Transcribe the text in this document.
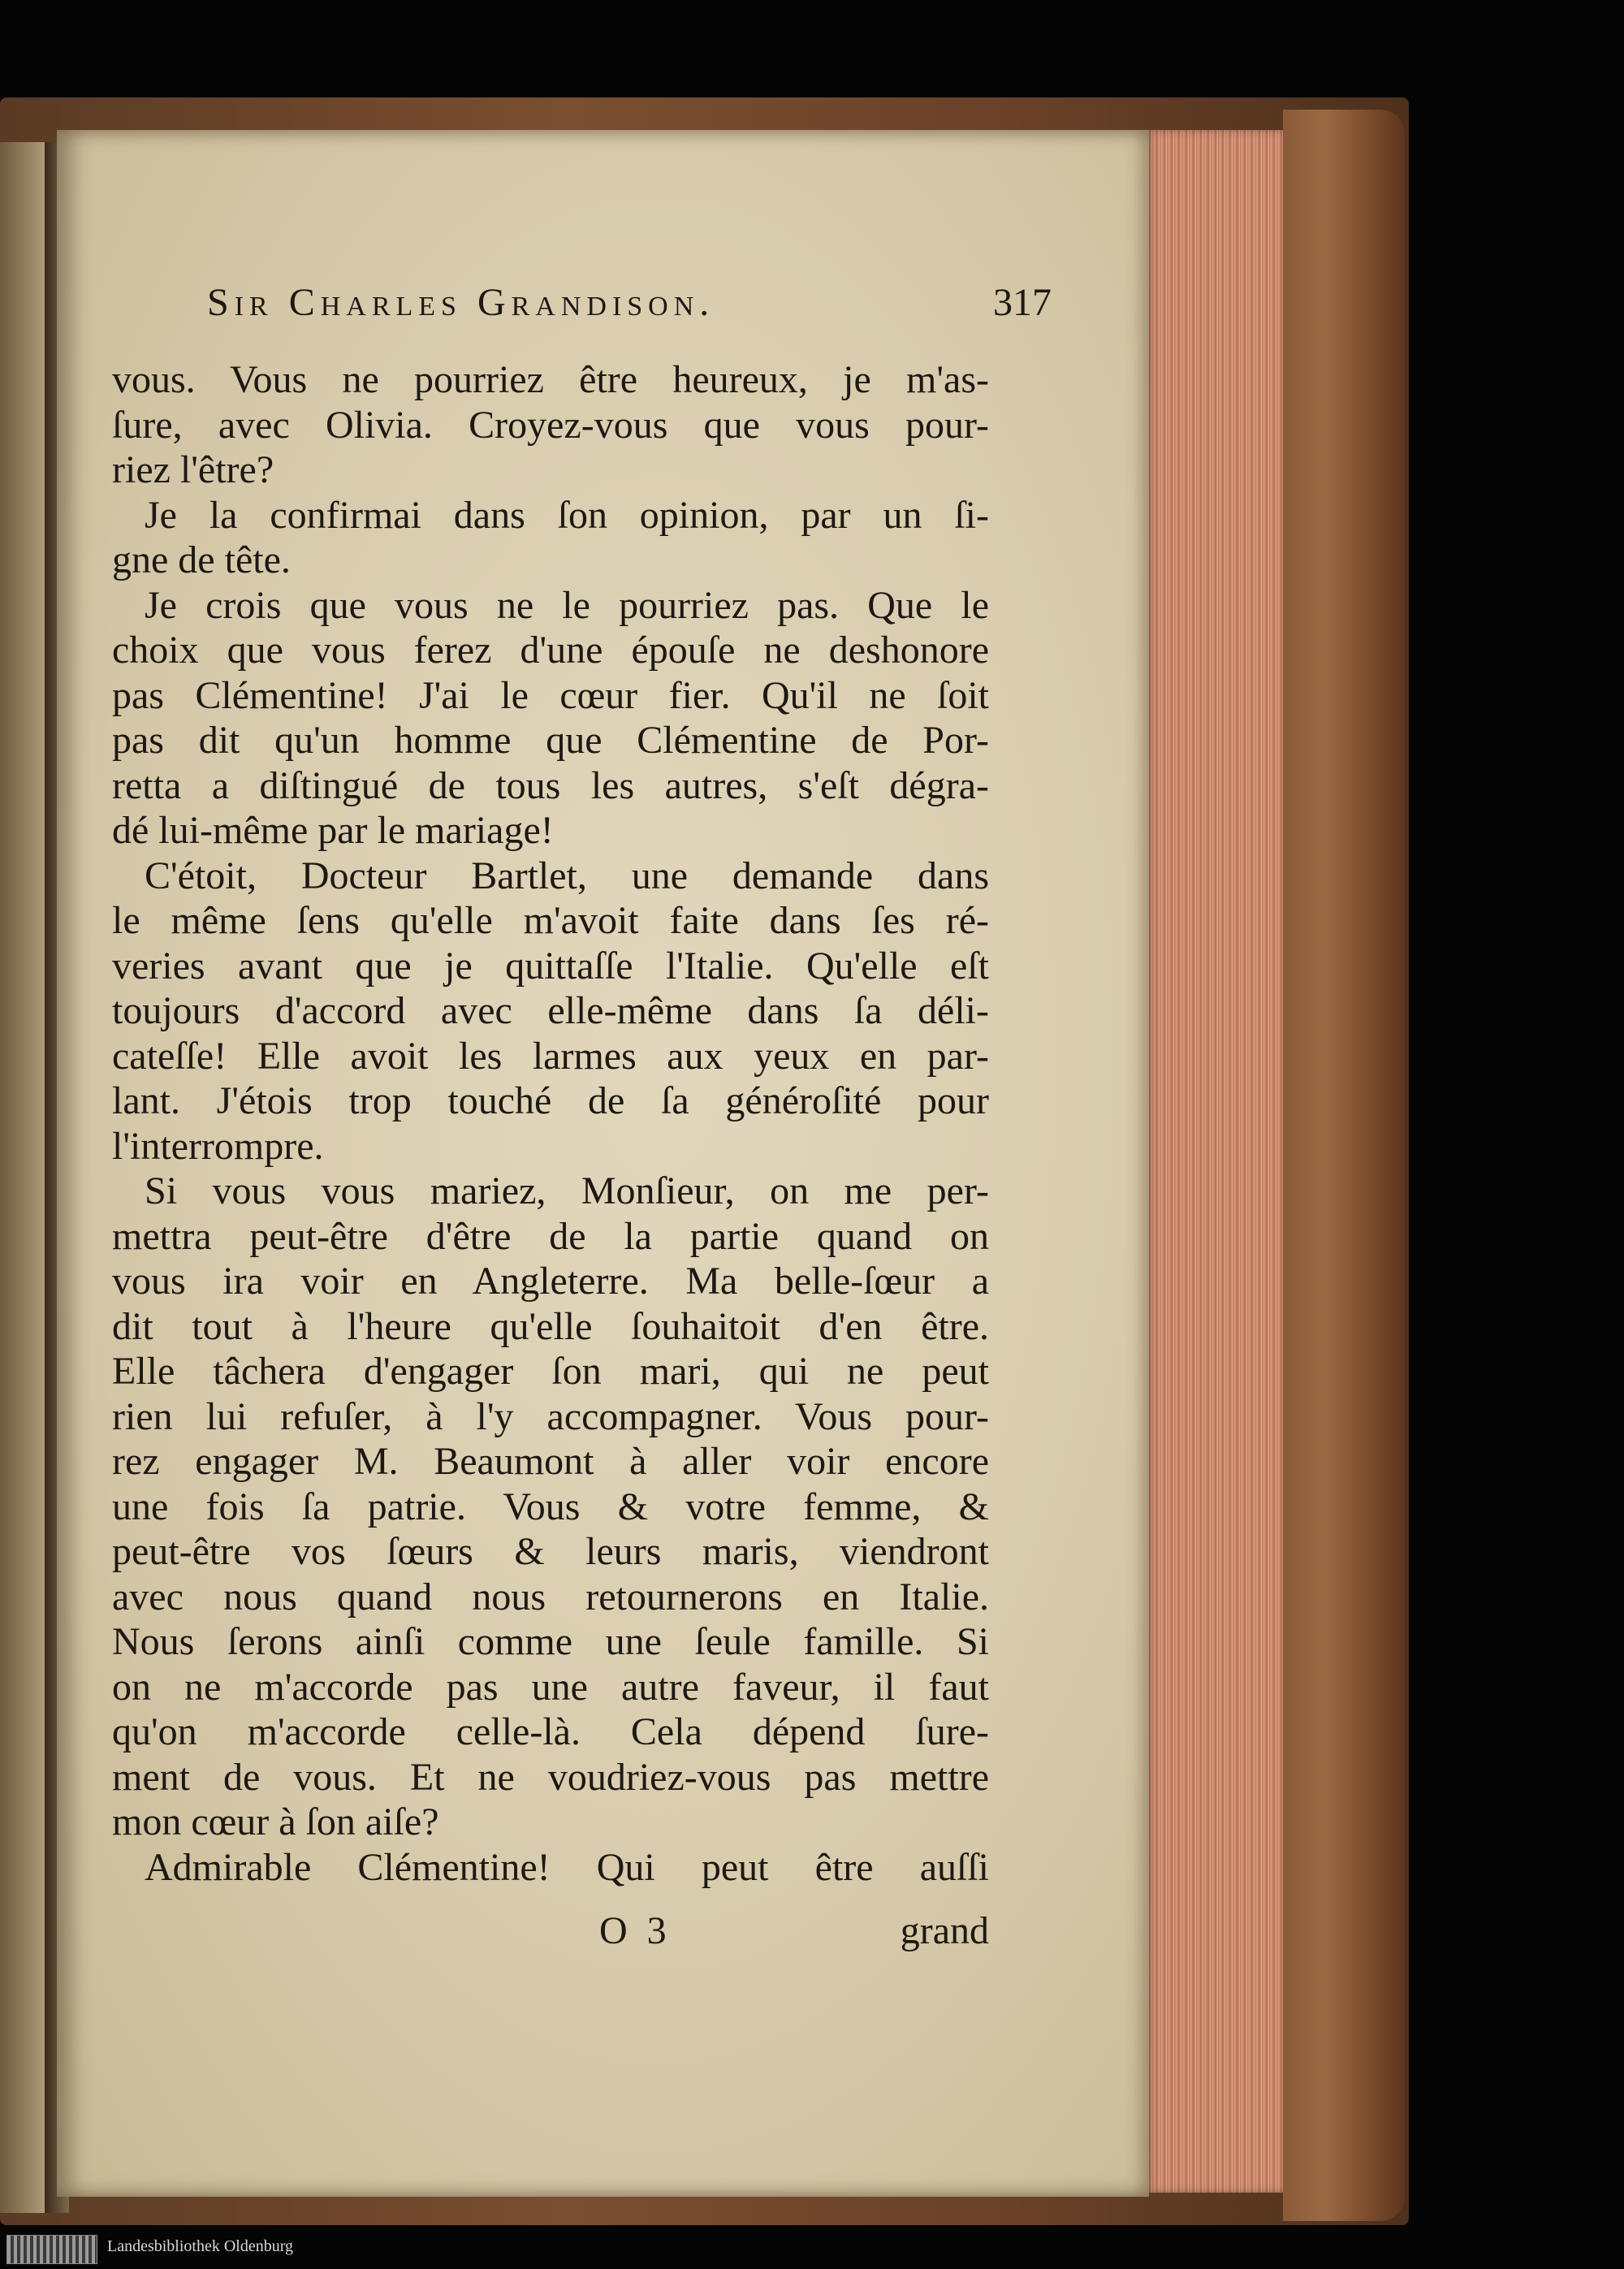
Sir Charles Grandison.	317
vous. Vous ne pourriez être heureux, je m'as-
ſure, avec Olivia. Croyez-vous que vous pour-
riez l'être?
Je la confirmai dans ſon opinion, par un ſi-
gne de tête.
Je crois que vous ne le pourriez pas. Que le
choix que vous ferez d'une épouſe ne deshonore
pas Clémentine! J'ai le cœur fier. Qu'il ne ſoit
pas dit qu'un homme que Clémentine de Por-
retta a diſtingué de tous les autres, s'eſt dégra-
dé lui-même par le mariage!
C'étoit, Docteur Bartlet, une demande dans
le même ſens qu'elle m'avoit faite dans ſes ré-
veries avant que je quittaſſe l'Italie. Qu'elle eſt
toujours d'accord avec elle-même dans ſa déli-
cateſſe! Elle avoit les larmes aux yeux en par-
lant. J'étois trop touché de ſa généroſité pour
l'interrompre.
Si vous vous mariez, Monſieur, on me per-
mettra peut-être d'être de la partie quand on
vous ira voir en Angleterre. Ma belle-ſœur a
dit tout à l'heure qu'elle ſouhaitoit d'en être.
Elle tâchera d'engager ſon mari, qui ne peut
rien lui refuſer, à l'y accompagner. Vous pour-
rez engager M. Beaumont à aller voir encore
une fois ſa patrie. Vous & votre femme, &
peut-être vos ſœurs & leurs maris, viendront
avec nous quand nous retournerons en Italie.
Nous ſerons ainſi comme une ſeule famille. Si
on ne m'accorde pas une autre faveur, il faut
qu'on m'accorde celle-là. Cela dépend ſure-
ment de vous. Et ne voudriez-vous pas mettre
mon cœur à ſon aiſe?
Admirable Clémentine! Qui peut être auſſi
O 3	grand
Landesbibliothek Oldenburg
